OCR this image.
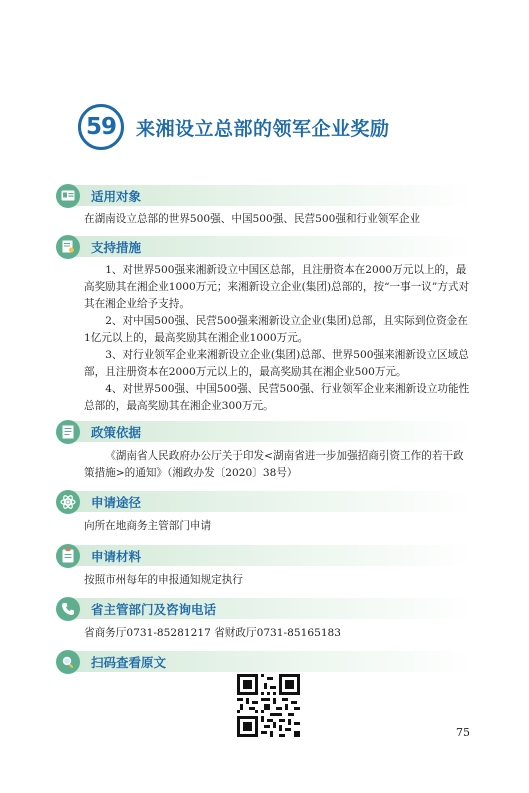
59 来湘设立总部的领军企业奖励
适用对象
在湖南设立总部的世界500强、中国500强、民营500强和行业领军企业
支持措施

1、对世界500强来湘新设立中国区总部，且注册资本在2000万元以上的，最高奖励其在湘企业1000万元；来湘新设立企业(集团)总部的，按“一事一议”方式对其在湘企业给予支持。

2、对中国500强、民营500强来湘新设立企业(集团)总部，且实际到位资金在1亿元以上的，最高奖励其在湘企业1000万元。

3、对行业领军企业来湘新设立企业(集团)总部、世界500强来湘新设立区域总部，且注册资本在2000万元以上的，最高奖励其在湘企业500万元。

4、对世界500强、中国500强、民营500强、行业领军企业来湘新设立功能性总部的，最高奖励其在湘企业300万元。

政策依据

《湖南省人民政府办公厅关于印发<湖南省进一步加强招商引资工作的若干政策措施>的通知》（湘政办发〔2020〕38号）

申请途径
向所在地商务主管部门申请
申请材料
按照市州每年的申报通知规定执行
省主管部门及咨询电话
省商务厅0731-85281217 省财政厅0731-85165183
扫码查看原文
75
